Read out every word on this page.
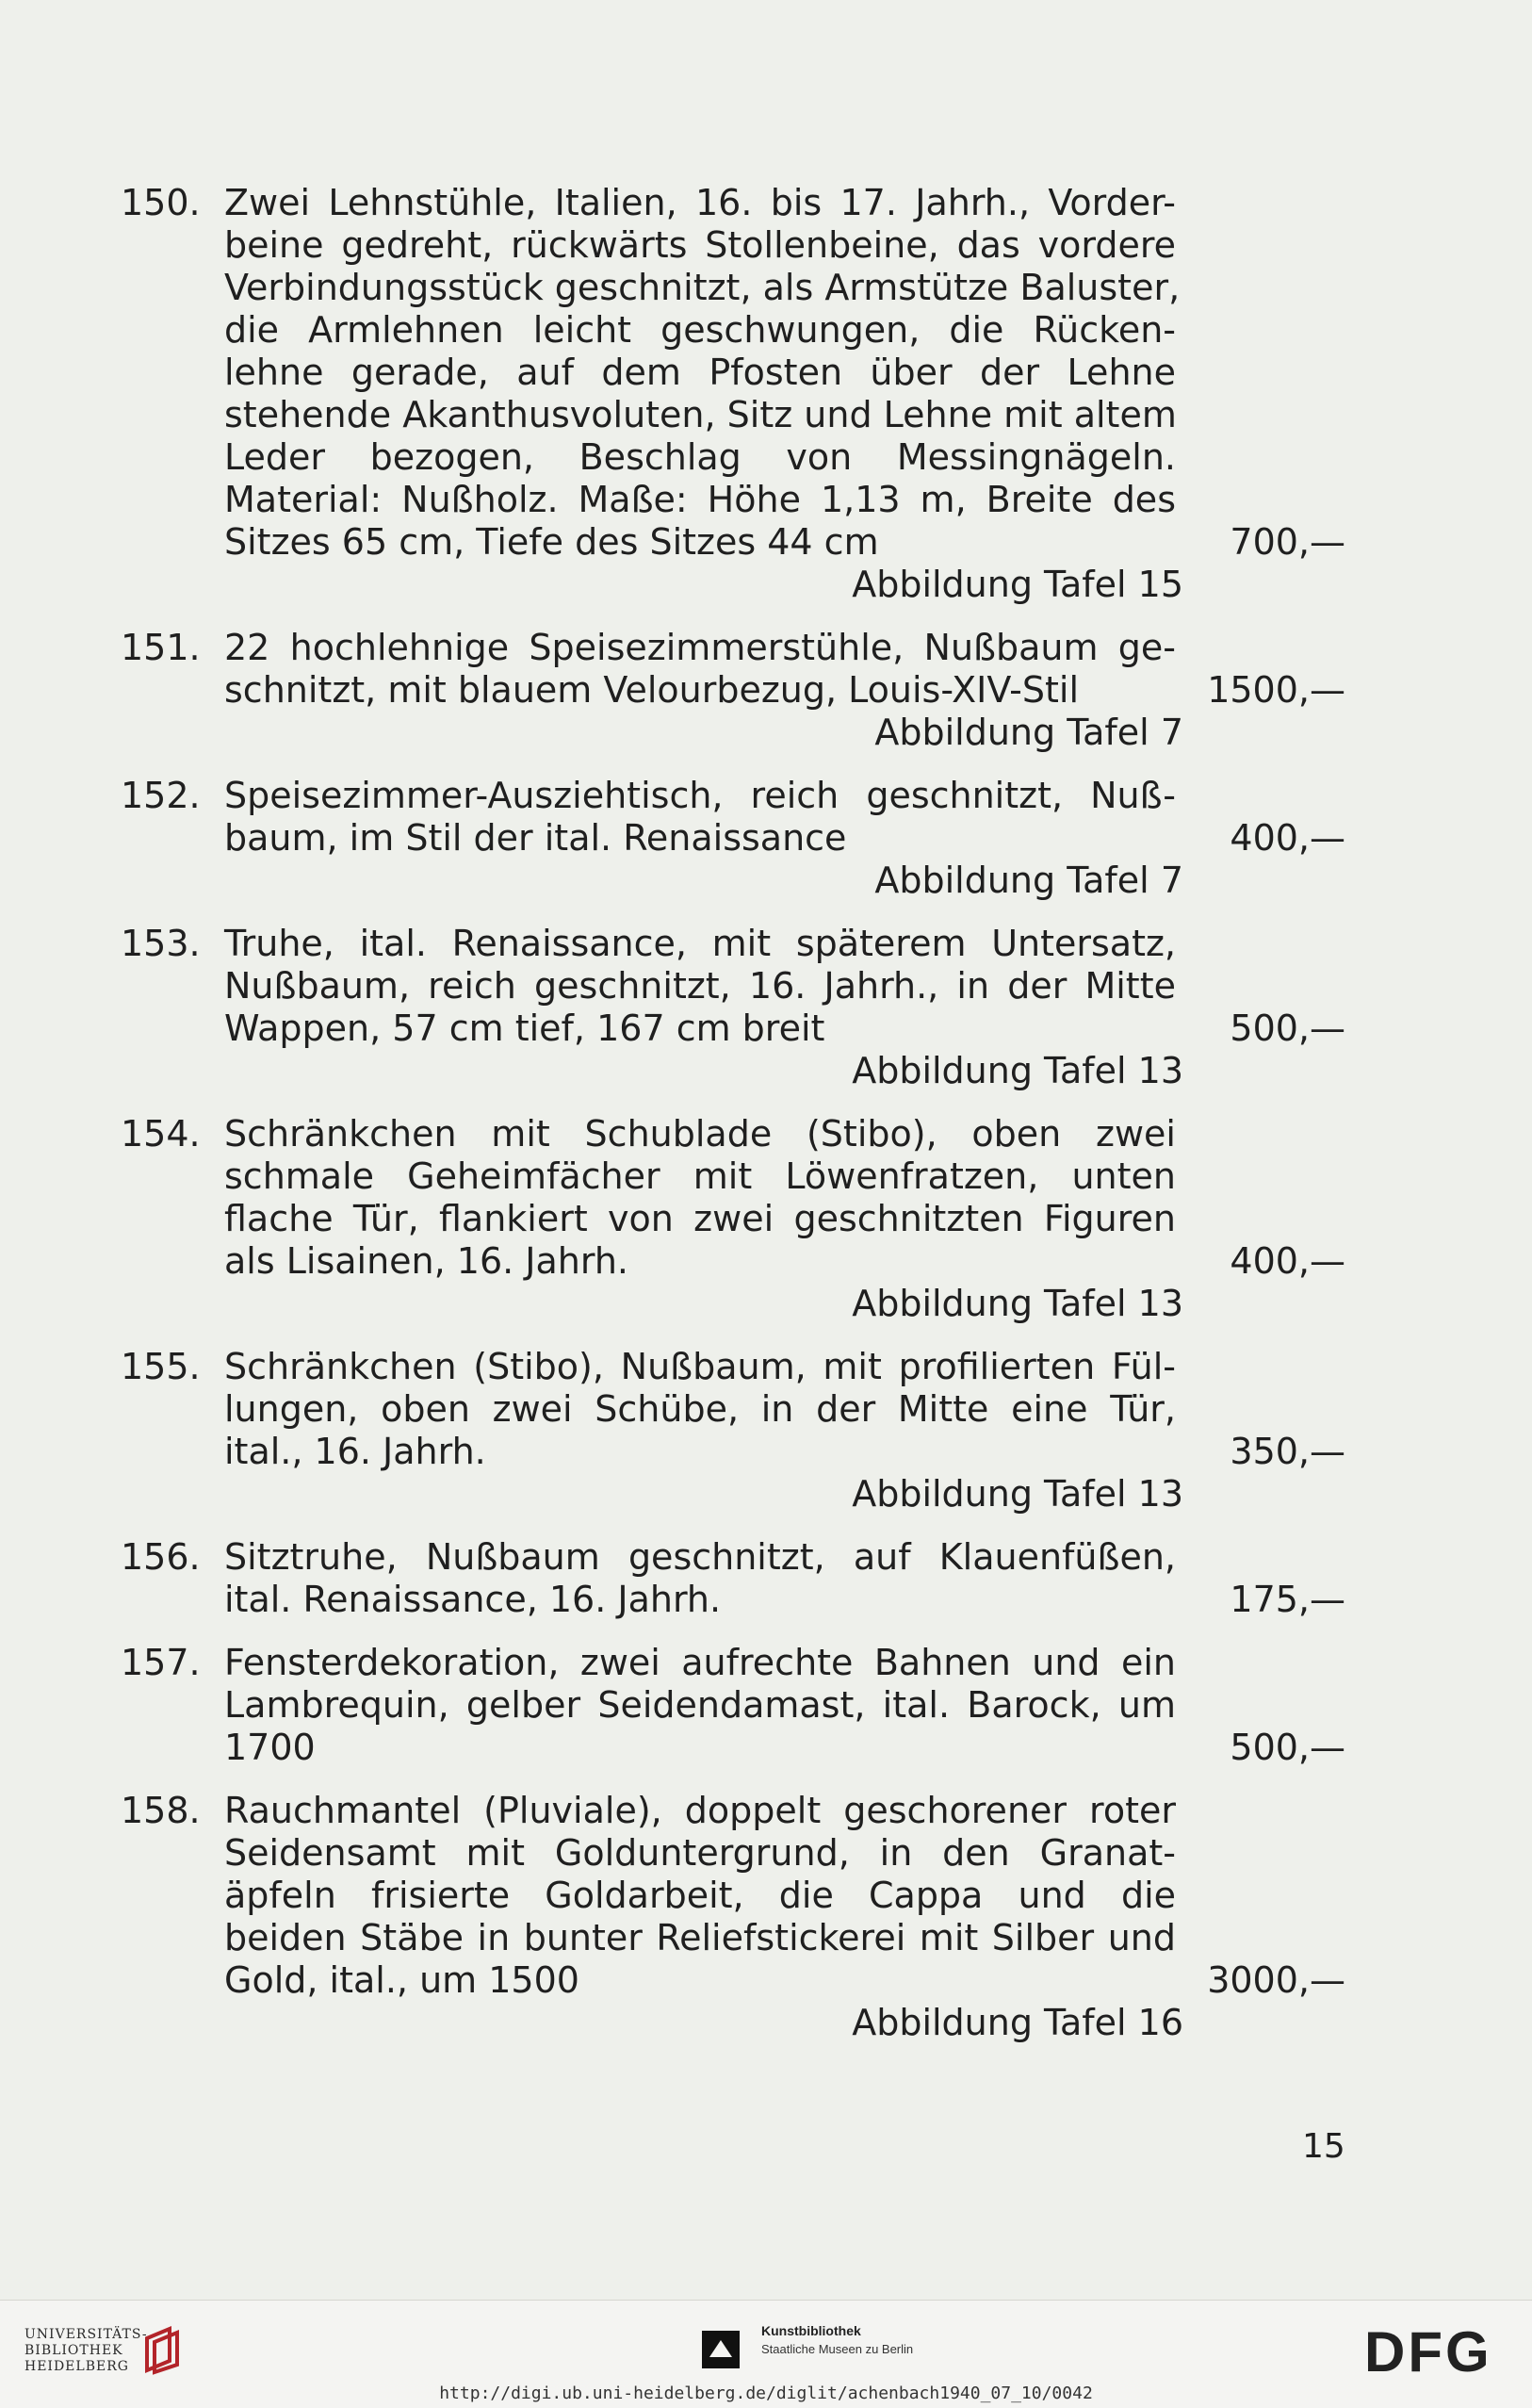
150. Zwei Lehnstühle, Italien, 16. bis 17. Jahrh., Vorder-
beine gedreht, rückwärts Stollenbeine, das vordere
Verbindungsstück geschnitzt, als Armstütze Baluster,
die Armlehnen leicht geschwungen, die Rücken-
lehne gerade, auf dem Pfosten über der Lehne
stehende Akanthusvoluten, Sitz und Lehne mit altem
Leder bezogen, Beschlag von Messingnägeln.
Material: Nußholz. Maße: Höhe 1,13 m, Breite des
Sitzes 65 cm, Tiefe des Sitzes 44 cm	700,—
Abbildung Tafel 15
151. 22 hochlehnige Speisezimmerstühle, Nußbaum ge-
schnitzt, mit blauem Velourbezug, Louis-XIV-Stil	1500,—
Abbildung Tafel 7
152. Speisezimmer-Ausziehtisch, reich geschnitzt, Nuß-
baum, im Stil der ital. Renaissance	400,—
Abbildung Tafel 7
153. Truhe, ital. Renaissance, mit späterem Untersatz,
Nußbaum, reich geschnitzt, 16. Jahrh., in der Mitte
Wappen, 57 cm tief, 167 cm breit	500,—
Abbildung Tafel 13
154. Schränkchen mit Schublade (Stibo), oben zwei
schmale Geheimfächer mit Löwenfratzen, unten
flache Tür, flankiert von zwei geschnitzten Figuren
als Lisainen, 16. Jahrh.	400,—
Abbildung Tafel 13
155. Schränkchen (Stibo), Nußbaum, mit profilierten Fül-
lungen, oben zwei Schübe, in der Mitte eine Tür,
ital., 16. Jahrh.	350,—
Abbildung Tafel 13
156. Sitztruhe, Nußbaum geschnitzt, auf Klauenfüßen,
ital. Renaissance, 16. Jahrh.	175,—
157. Fensterdekoration, zwei aufrechte Bahnen und ein
Lambrequin, gelber Seidendamast, ital. Barock, um
1700	500,—
158. Rauchmantel (Pluviale), doppelt geschorener roter
Seidensamt mit Golduntergrund, in den Granat-
äpfeln frisierte Goldarbeit, die Cappa und die
beiden Stäbe in bunter Reliefstickerei mit Silber und
Gold, ital., um 1500	3000,—
Abbildung Tafel 16
15
UNIVERSITÄTS-
BIBLIOTHEK
HEIDELBERG
Kunstbibliothek
Staatliche Museen zu Berlin	DFG
http://digi.ub.uni-heidelberg.de/diglit/achenbach1940_07_10/0042
